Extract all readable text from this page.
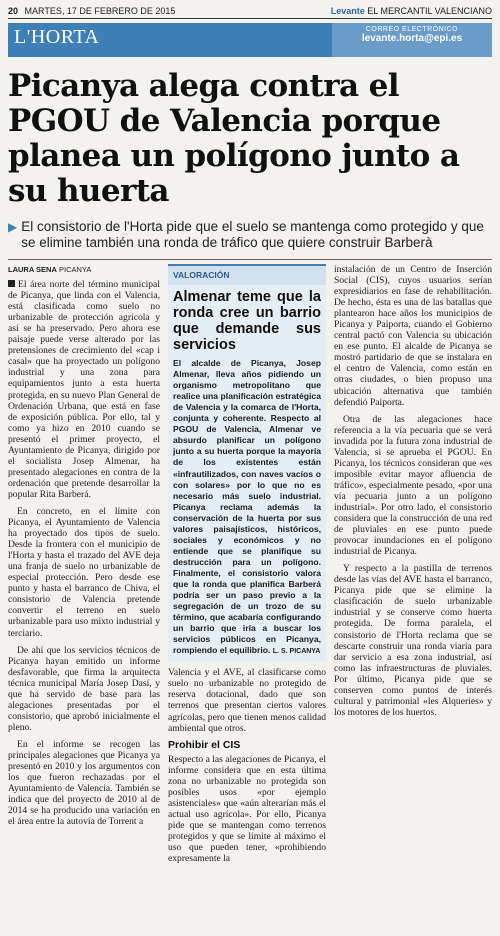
20 MARTES, 17 DE FEBRERO DE 2015	Levante EL MERCANTIL VALENCIANO
L'HORTA	CORREO ELECTRÓNICO
levante.horta@epi.es
Picanya alega contra el PGOU de Valencia porque planea un polígono junto a su huerta
▶ El consistorio de l'Horta pide que el suelo se mantenga como protegido y que se elimine también una ronda de tráfico que quiere construir Barberà
LAURA SENA PICANYA

El área norte del término municipal de Picanya, que linda con el Valencia, está clasificada como suelo no urbanizable de protección agrícola y así se ha preservado. Pero ahora ese paisaje puede verse alterado por las pretensiones de crecimiento del «cap i casal» que ha proyectado un polígono industrial y una zona para equipamientos junto a esta huerta protegida, en su nuevo Plan General de Ordenación Urbana, que está en fase de exposición pública. Por ello, tal y como ya hizo en 2010 cuando se presentó el primer proyecto, el Ayuntamiento de Picanya, dirigido por el socialista Josep Almenar, ha presentado alegaciones en contra de la ordenación que pretende desarrollar la popular Rita Barberá.

En concreto, en el límite con Picanya, el Ayuntamiento de Valencia ha proyectado dos tipos de suelo. Desde la frontera con el municipio de l'Horta y hasta el trazado del AVE deja una franja de suelo no urbanizable de especial protección. Pero desde ese punto y hasta el barranco de Chiva, el consistorio de Valencia pretende convertir el terreno en suelo urbanizable para uso mixto industrial y terciario.

De ahí que los servicios técnicos de Picanya hayan emitido un informe desfavorable, que firma la arquitecta técnica municipal María Josep Dasí, y que ha servido de base para las alegaciones presentadas por el consistorio, que aprobó inicialmente el pleno.

En el informe se recogen las principales alegaciones que Picanya ya presentó en 2010 y los argumentos con los que fueron rechazadas por el Ayuntamiento de Valencia. También se indica que del proyecto de 2010 al de 2014 se ha producido una variación en el área entre la autovía de Torrent a

VALORACIÓN
Almenar teme que la ronda cree un barrio que demande sus servicios
El alcalde de Picanya, Josep Almenar, lleva años pidiendo un organismo metropolitano que realice una planificación estratégica de Valencia y la comarca de l'Horta, conjunta y coherente. Respecto al PGOU de Valencia, Almenar ve absurdo planificar un polígono junto a su huerta porque la mayoría de los existentes están «infrautilizados, con naves vacíos o con solares» por lo que no es necesario más suelo industrial. Picanya reclama además la conservación de la huerta por sus valores paisajísticos, históricos, sociales y económicos y no entiende que se planifique su destrucción para un polígono. Finalmente, el consistorio valora que la ronda que planifica Barberá podría ser un paso previo a la segregación de un trozo de su término, que acabaría configurando un barrio que iría a buscar los servicios públicos en Picanya, rompiendo el equilibrio. L. S. PICANYA

Valencia y el AVE, al clasificarse como suelo no urbanizable no protegido de reserva dotacional, dado que son terrenos que presentan ciertos valores agrícolas, pero que tienen menos calidad ambiental que otros.

Prohibir el CIS

Respecto a las alegaciones de Picanya, el informe considera que en esta última zona no urbanizable no protegida son posibles usos «por ejemplo asistenciales» que «aún alterarían más el actual uso agrícola». Por ello, Picanya pide que se mantengan como terrenos protegidos y que se limite al máximo el uso que pueden tener, «prohibiendo expresamente la

instalación de un Centro de Inserción Social (CIS), cuyos usuarios serían expresidiarios en fase de rehabilitación. De hecho, ésta es una de las batallas que plantearon hace años los municipios de Picanya y Paiporta, cuando el Gobierno central pactó con Valencia su ubicación en ese punto. El alcalde de Picanya se mostró partidario de que se instalara en el centro de Valencia, como están en otras ciudades, o bien propuso una ubicación alternativa que también defendió Paiporta.

Otra de las alegaciones hace referencia a la vía pecuaria que se verá invadida por la futura zona industrial de Valencia, si se aprueba el PGOU. En Picanya, los técnicos consideran que «es imposible evitar mayor afluencia de tráfico», especialmente pesado, «por una vía pecuaria junto a un polígono industrial». Por otro lado, el consistorio considera que la construcción de una red de pluviales en ese punto puede provocar inundaciones en el polígono industrial de Picanya.

Y respecto a la pastilla de terrenos desde las vías del AVE hasta el barranco, Picanya pide que se elimine la clasificación de suelo urbanizable industrial y se conserve como huerta protegida. De forma paralela, el consistorio de l'Horta reclama que se descarte construir una ronda viaria para dar servicio a esa zona industrial, así como las infraestructuras de pluviales. Por último, Picanya pide que se conserven como puntos de interés cultural y patrimonial «les Alqueries» y los motores de los huertos.
